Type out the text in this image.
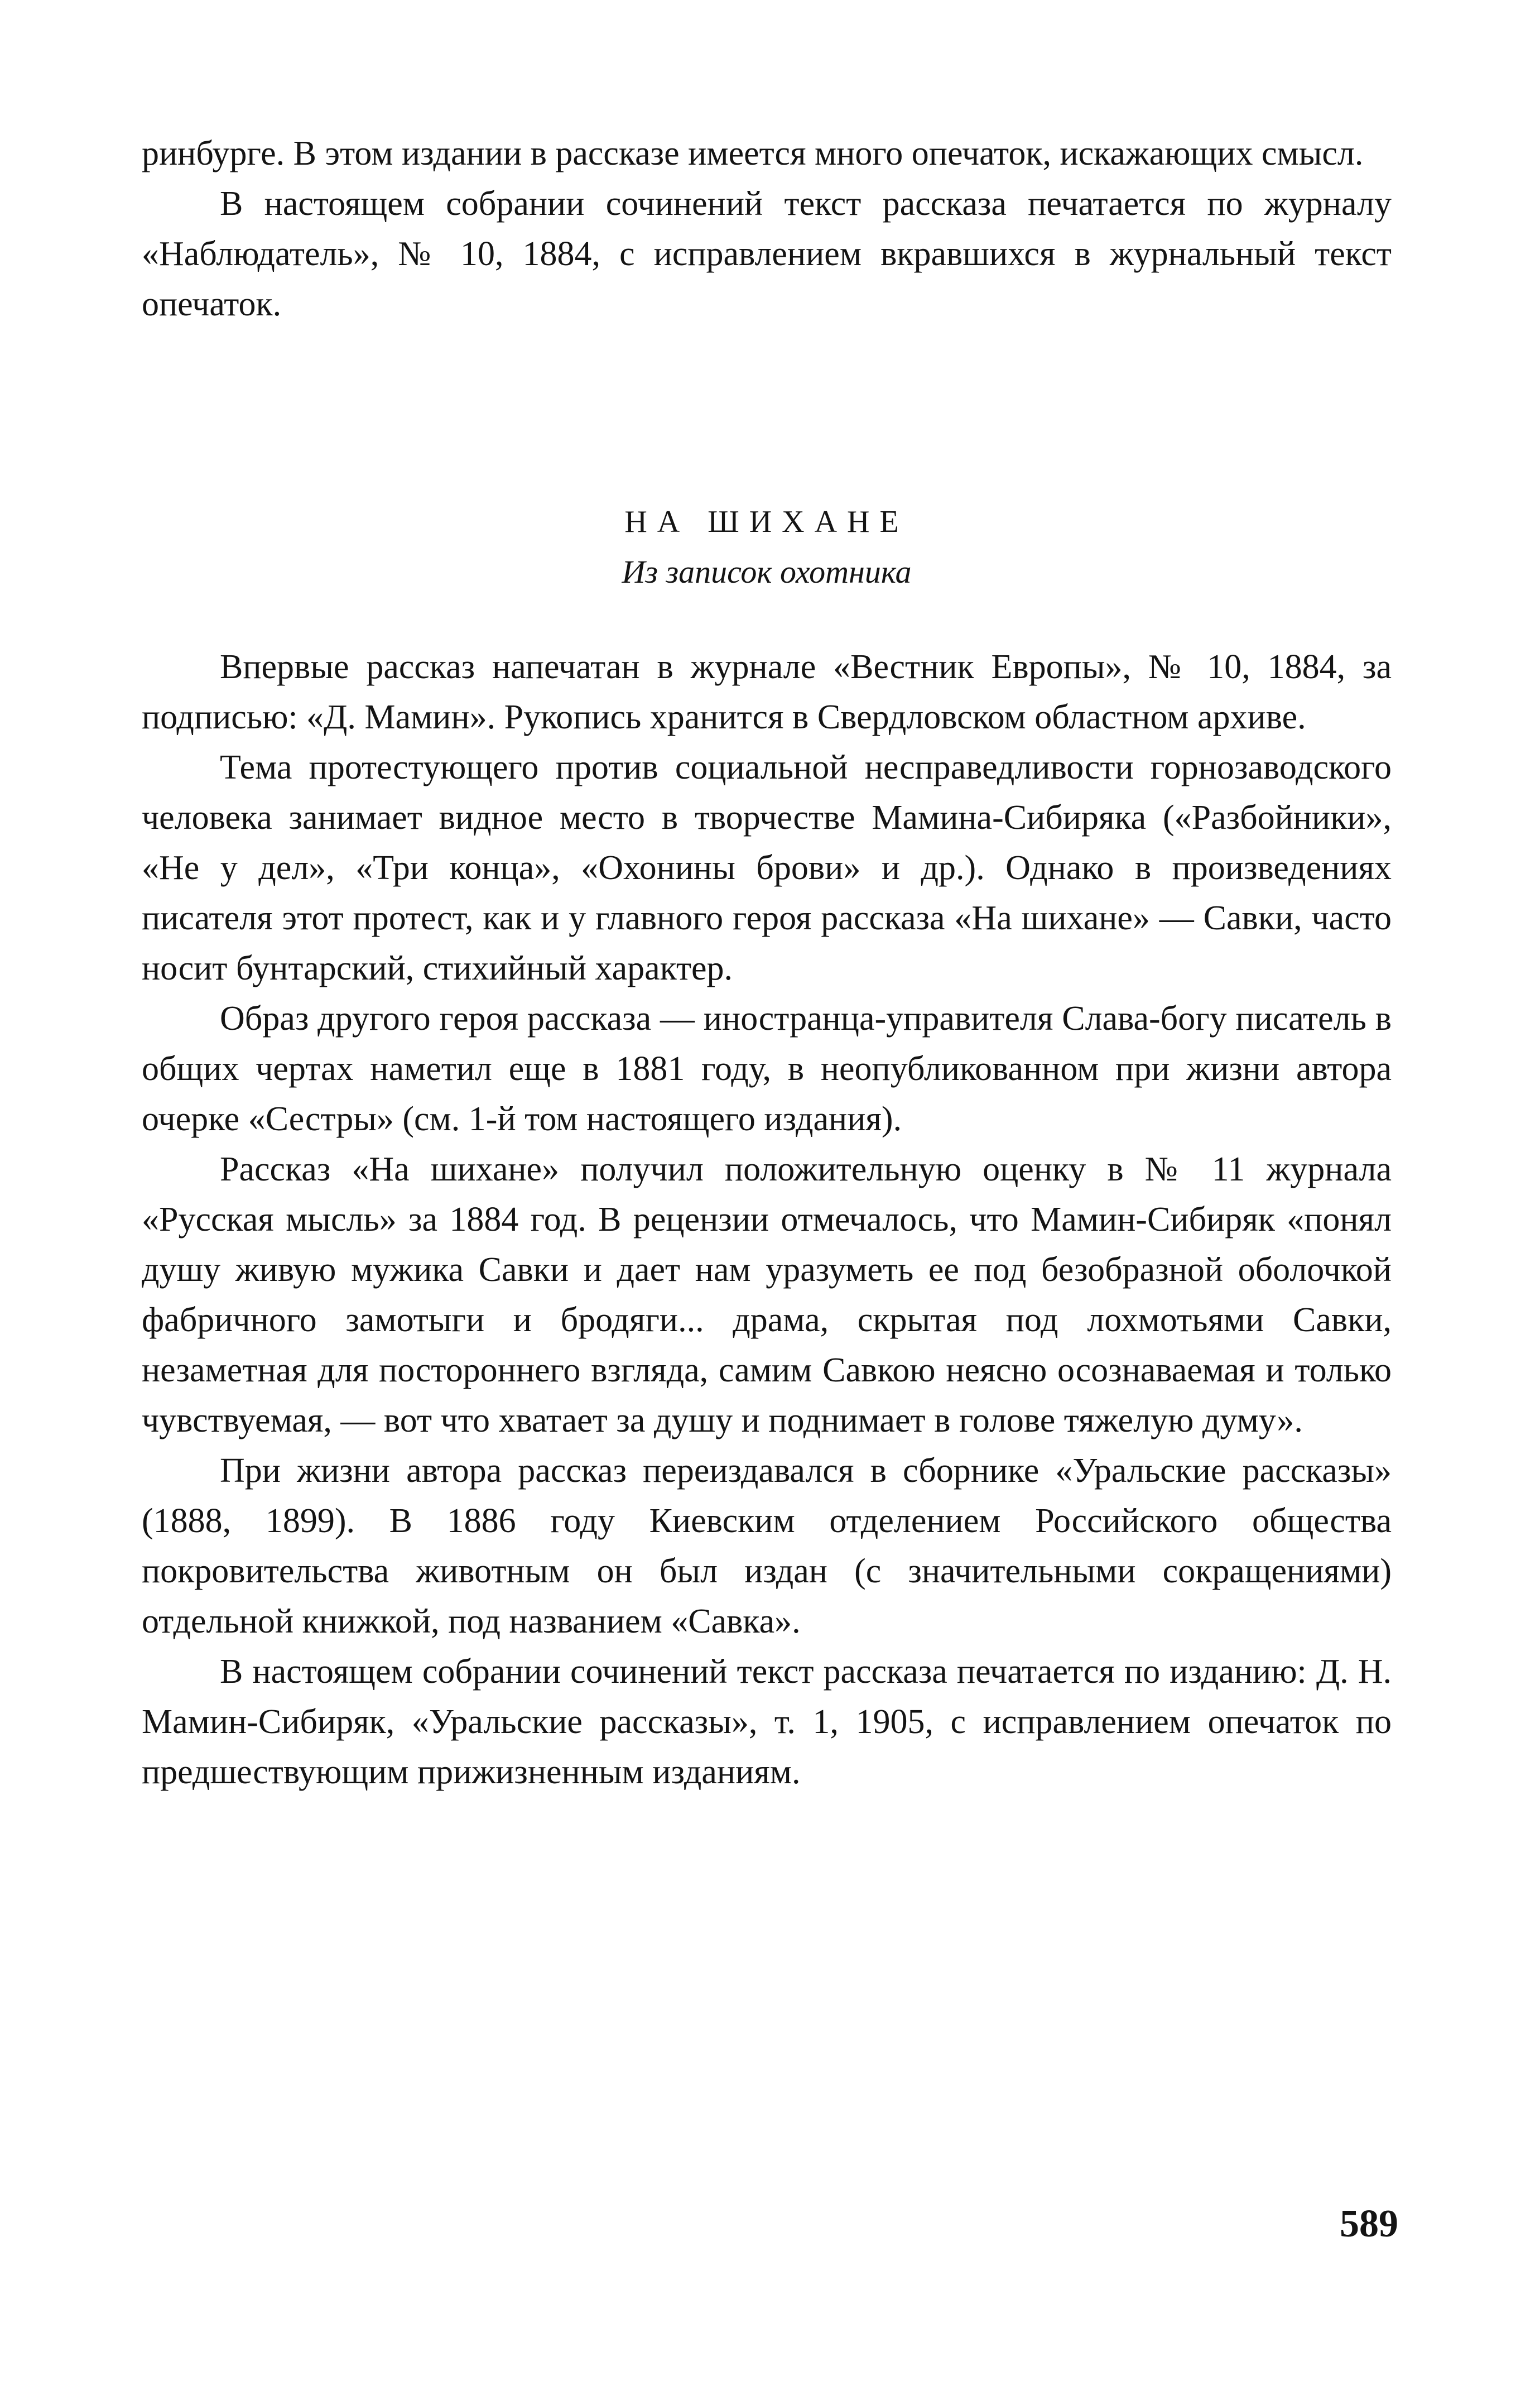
ринбурге. В этом издании в рассказе имеется много опечаток, искажающих смысл.

В настоящем собрании сочинений текст рассказа печатается по журналу «Наблюдатель», № 10, 1884, с исправлением вкравшихся в журнальный текст опечаток.

НА ШИХАНЕ
Из записок охотника

Впервые рассказ напечатан в журнале «Вестник Европы», № 10, 1884, за подписью: «Д. Мамин». Рукопись хранится в Свердловском областном архиве.

Тема протестующего против социальной несправедливости горнозаводского человека занимает видное место в творчестве Мамина-Сибиряка («Разбойники», «Не у дел», «Три конца», «Охонины брови» и др.). Однако в произведениях писателя этот протест, как и у главного героя рассказа «На шихане» — Савки, часто носит бунтарский, стихийный характер.

Образ другого героя рассказа — иностранца-управителя Слава-богу писатель в общих чертах наметил еще в 1881 году, в неопубликованном при жизни автора очерке «Сестры» (см. 1-й том настоящего издания).

Рассказ «На шихане» получил положительную оценку в № 11 журнала «Русская мысль» за 1884 год. В рецензии отмечалось, что Мамин-Сибиряк «понял душу живую мужика Савки и дает нам уразуметь ее под безобразной оболочкой фабричного замотыги и бродяги... драма, скрытая под лохмотьями Савки, незаметная для постороннего взгляда, самим Савкою неясно осознаваемая и только чувствуемая, — вот что хватает за душу и поднимает в голове тяжелую думу».

При жизни автора рассказ переиздавался в сборнике «Уральские рассказы» (1888, 1899). В 1886 году Киевским отделением Российского общества покровительства животным он был издан (с значительными сокращениями) отдельной книжкой, под названием «Савка».

В настоящем собрании сочинений текст рассказа печатается по изданию: Д. Н. Мамин-Сибиряк, «Уральские рассказы», т. 1, 1905, с исправлением опечаток по предшествующим прижизненным изданиям.

589
